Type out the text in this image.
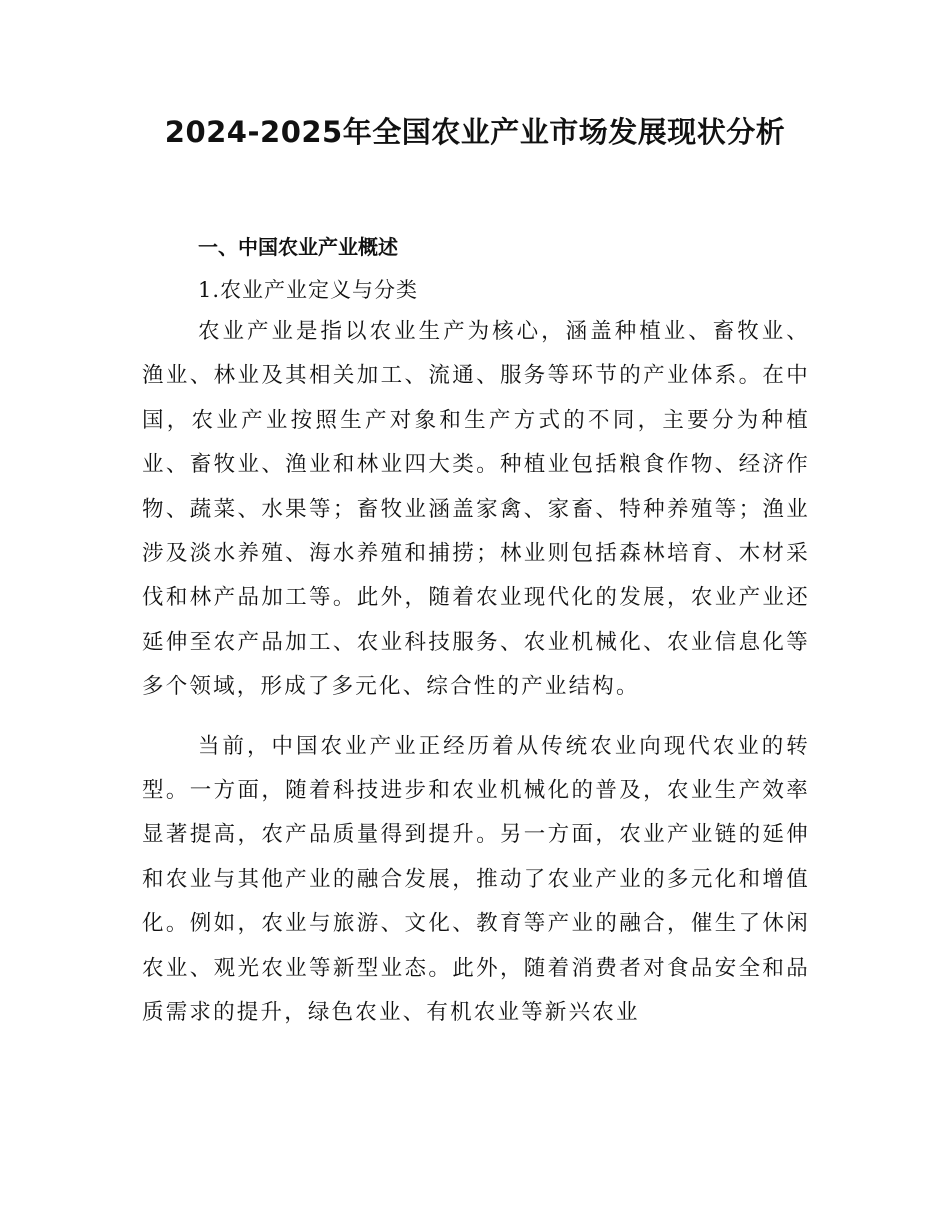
2024-2025年全国农业产业市场发展现状分析
一、中国农业产业概述
1.农业产业定义与分类

农业产业是指以农业生产为核心，涵盖种植业、畜牧业、渔业、林业及其相关加工、流通、服务等环节的产业体系。在中国，农业产业按照生产对象和生产方式的不同，主要分为种植业、畜牧业、渔业和林业四大类。种植业包括粮食作物、经济作物、蔬菜、水果等；畜牧业涵盖家禽、家畜、特种养殖等；渔业涉及淡水养殖、海水养殖和捕捞；林业则包括森林培育、木材采伐和林产品加工等。此外，随着农业现代化的发展，农业产业还延伸至农产品加工、农业科技服务、农业机械化、农业信息化等多个领域，形成了多元化、综合性的产业结构。

当前，中国农业产业正经历着从传统农业向现代农业的转型。一方面，随着科技进步和农业机械化的普及，农业生产效率显著提高，农产品质量得到提升。另一方面，农业产业链的延伸和农业与其他产业的融合发展，推动了农业产业的多元化和增值化。例如，农业与旅游、文化、教育等产业的融合，催生了休闲农业、观光农业等新型业态。此外，随着消费者对食品安全和品质需求的提升，绿色农业、有机农业等新兴农业
